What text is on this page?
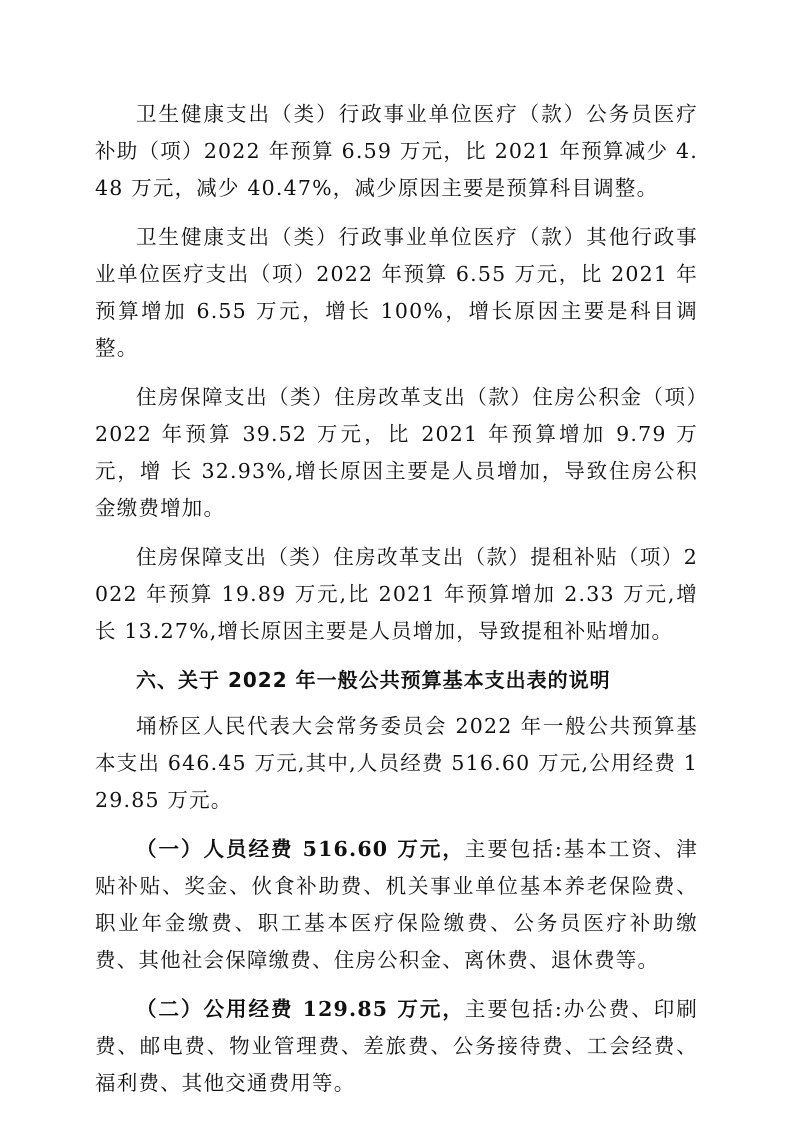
卫生健康支出（类）行政事业单位医疗（款）公务员医疗补助（项）2022 年预算 6.59 万元，比 2021 年预算减少 4.48 万元，减少 40.47%，减少原因主要是预算科目调整。

卫生健康支出（类）行政事业单位医疗（款）其他行政事业单位医疗支出（项）2022 年预算 6.55 万元，比 2021 年预算增加 6.55 万元，增长 100%，增长原因主要是科目调整。

住房保障支出（类）住房改革支出（款）住房公积金（项）2022 年预算 39.52 万元，比 2021 年预算增加 9.79 万元，增 长 32.93%,增长原因主要是人员增加，导致住房公积金缴费增加。

住房保障支出（类）住房改革支出（款）提租补贴（项）2022 年预算 19.89 万元,比 2021 年预算增加 2.33 万元,增 长 13.27%,增长原因主要是人员增加，导致提租补贴增加。

六、关于 2022 年一般公共预算基本支出表的说明

埇桥区人民代表大会常务委员会 2022 年一般公共预算基本支出 646.45 万元,其中,人员经费 516.60 万元,公用经费 129.85 万元。

（一）人员经费 516.60 万元，主要包括:基本工资、津贴补贴、奖金、伙食补助费、机关事业单位基本养老保险费、职业年金缴费、职工基本医疗保险缴费、公务员医疗补助缴费、其他社会保障缴费、住房公积金、离休费、退休费等。

（二）公用经费 129.85 万元，主要包括:办公费、印刷费、邮电费、物业管理费、差旅费、公务接待费、工会经费、福利费、其他交通费用等。
